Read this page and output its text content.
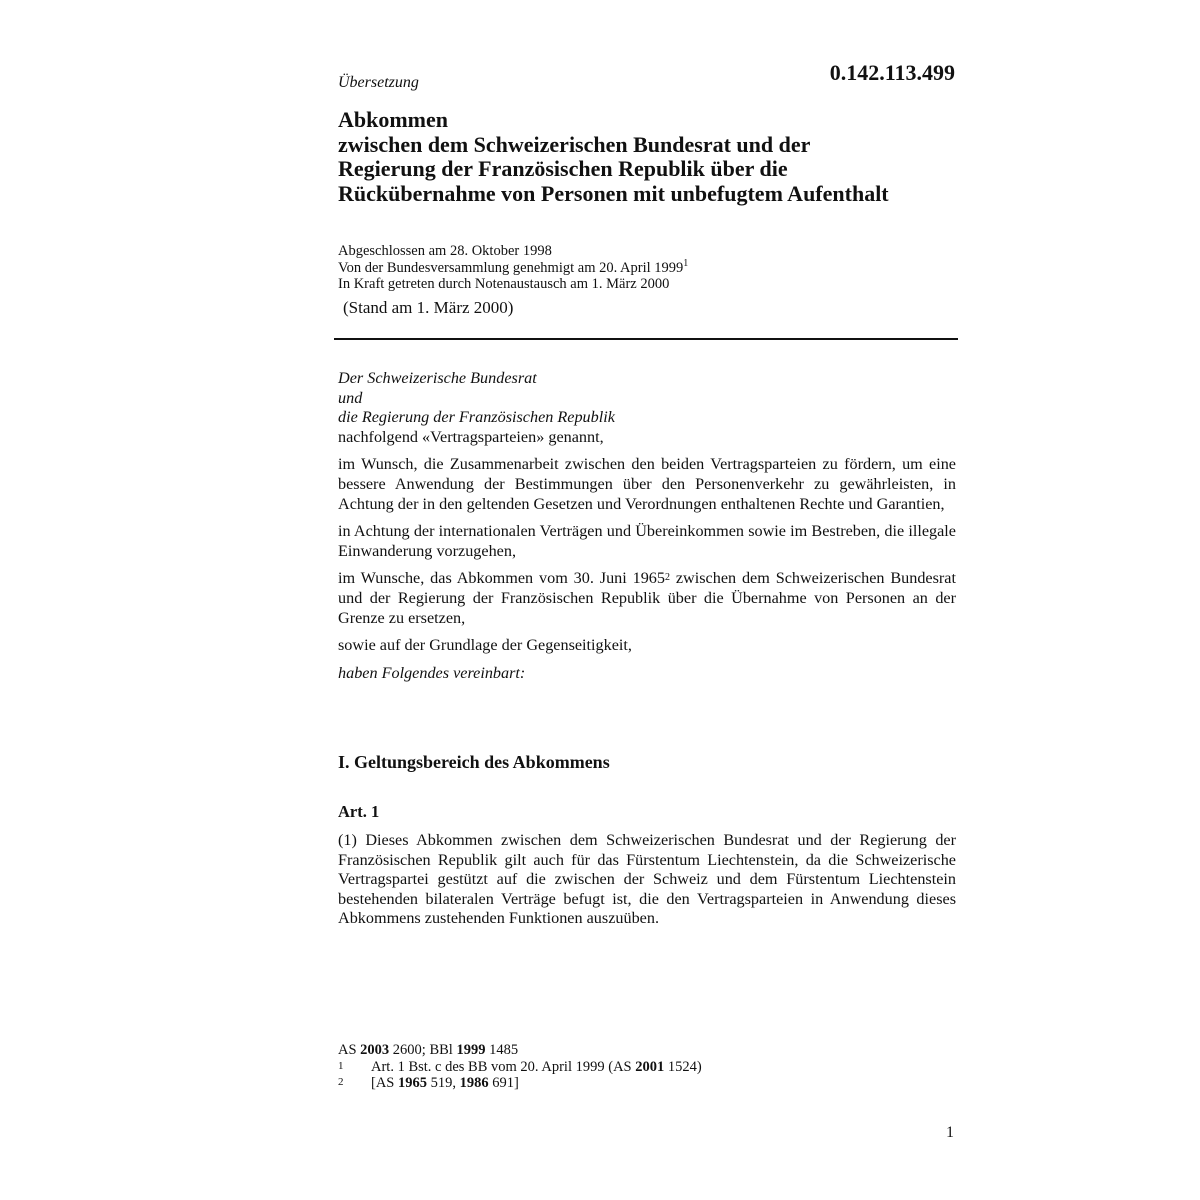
Übersetzung	0.142.113.499
Abkommen
zwischen dem Schweizerischen Bundesrat und der
Regierung der Französischen Republik über die
Rückübernahme von Personen mit unbefugtem Aufenthalt
Abgeschlossen am 28. Oktober 1998
Von der Bundesversammlung genehmigt am 20. April 1999$^1$
In Kraft getreten durch Notenaustausch am 1. März 2000
(Stand am 1. März 2000)

Der Schweizerische Bundesrat

und

die Regierung der Französischen Republik

nachfolgend «Vertragsparteien» genannt,

im Wunsch, die Zusammenarbeit zwischen den beiden Vertragsparteien zu fördern, um eine bessere Anwendung der Bestimmungen über den Personenverkehr zu gewährleisten, in Achtung der in den geltenden Gesetzen und Verordnungen enthaltenen Rechte und Garantien,

in Achtung der internationalen Verträgen und Übereinkommen sowie im Bestreben, die illegale Einwanderung vorzugehen,

im Wunsche, das Abkommen vom 30. Juni 1965$^2$ zwischen dem Schweizerischen Bundesrat und der Regierung der Französischen Republik über die Übernahme von Personen an der Grenze zu ersetzen,

sowie auf der Grundlage der Gegenseitigkeit,

haben Folgendes vereinbart:

I. Geltungsbereich des Abkommens
Art. 1

(1) Dieses Abkommen zwischen dem Schweizerischen Bundesrat und der Regierung der Französischen Republik gilt auch für das Fürstentum Liechtenstein, da die Schweizerische Vertragspartei gestützt auf die zwischen der Schweiz und dem Fürstentum Liechtenstein bestehenden bilateralen Verträge befugt ist, die den Vertragsparteien in Anwendung dieses Abkommens zustehenden Funktionen auszuüben.

AS 2003 2600; BBl 1999 1485
1	Art. 1 Bst. c des BB vom 20. April 1999 (AS 2001 1524)
2	[AS 1965 519, 1986 691]
1
